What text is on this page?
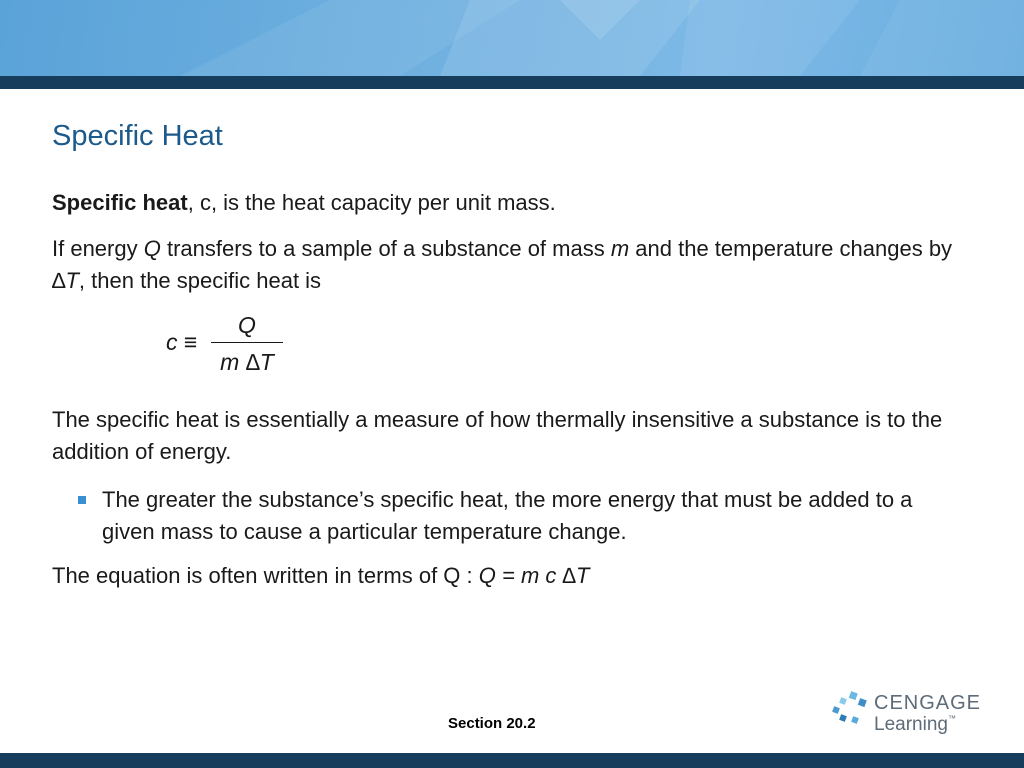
Specific Heat

Specific heat, c, is the heat capacity per unit mass.

If energy Q transfers to a sample of a substance of mass m and the temperature changes by ∆T, then the specific heat is

c ≡
Q
m ∆T

The specific heat is essentially a measure of how thermally insensitive a substance is to the addition of energy.

The greater the substance’s specific heat, the more energy that must be added to a given mass to cause a particular temperature change.

The equation is often written in terms of Q : Q = m c ∆T

Section 20.2
CENGAGE
Learning™
